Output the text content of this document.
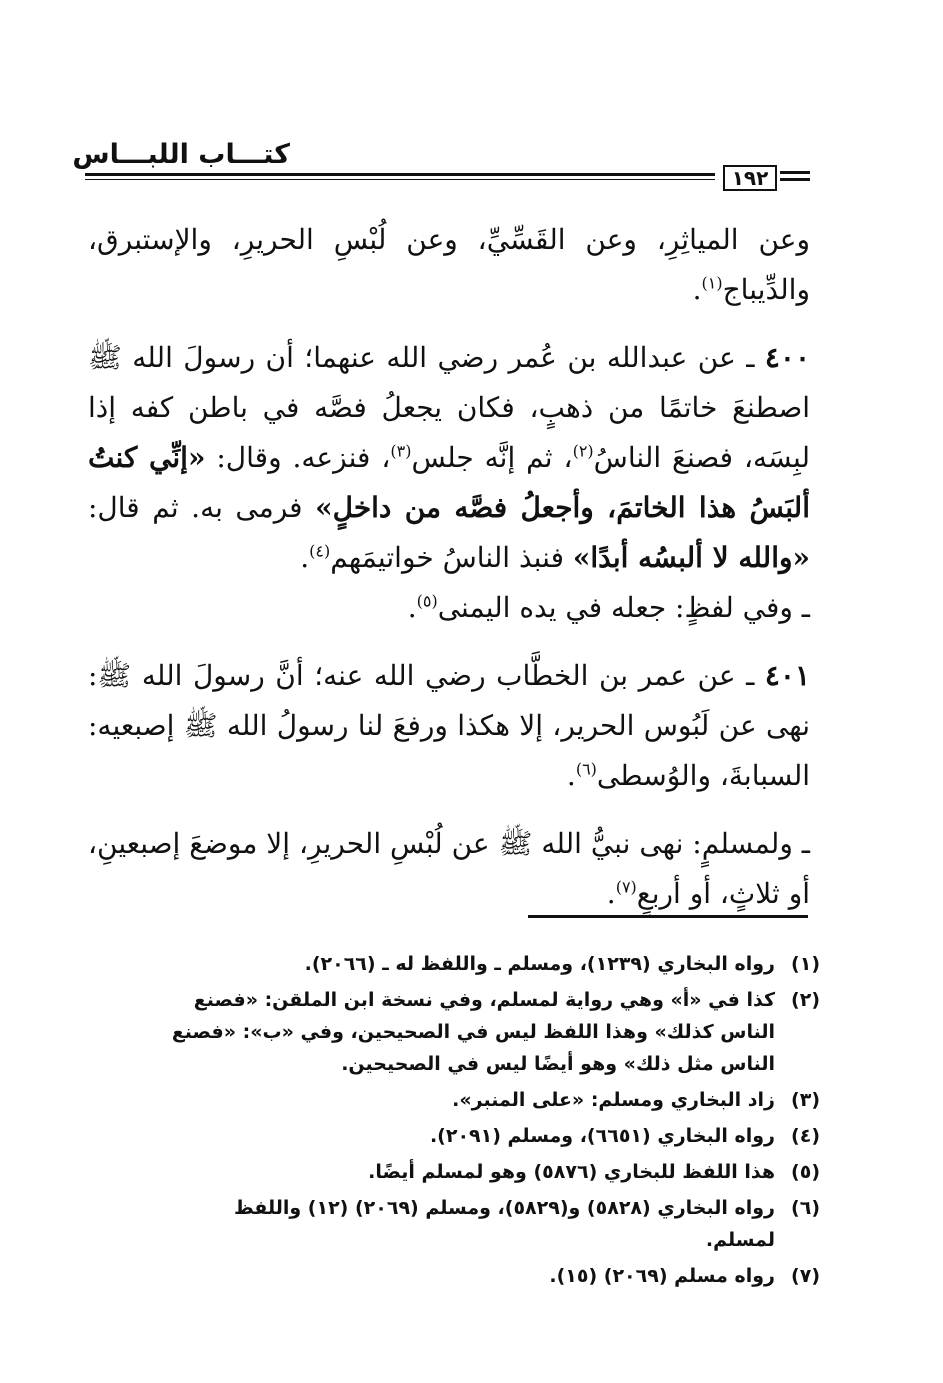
كتـــاب اللبـــاس
١٩٢

وعن المياثِرِ، وعن القَسِّيِّ، وعن لُبْسِ الحريرِ، والإستبرق، والدِّيباج$^{(١)}$.

٤٠٠ ـ عن عبدالله بن عُمر رضي الله عنهما؛ أن رسولَ الله ﷺ اصطنعَ خاتمًا من ذهبٍ، فكان يجعلُ فصَّه في باطن كفه إذا لبِسَه، فصنعَ الناسُ$^{(٢)}$، ثم إنَّه جلس$^{(٣)}$، فنزعه. وقال: «إنِّي كنتُ ألبَسُ هذا الخاتمَ، وأجعلُ فصَّه من داخلٍ» فرمى به. ثم قال: «والله لا ألبسُه أبدًا» فنبذ الناسُ خواتيمَهم$^{(٤)}$.
ـ وفي لفظٍ: جعله في يده اليمنى$^{(٥)}$.

٤٠١ ـ عن عمر بن الخطَّاب رضي الله عنه؛ أنَّ رسولَ الله ﷺ: نهى عن لَبُوس الحرير، إلا هكذا ورفعَ لنا رسولُ الله ﷺ إصبعيه: السبابةَ، والوُسطى$^{(٦)}$.

ـ ولمسلمٍ: نهى نبيُّ الله ﷺ عن لُبْسِ الحريرِ، إلا موضعَ إصبعينِ، أو ثلاثٍ، أو أربعٍ$^{(٧)}$.

(١)
رواه البخاري (١٢٣٩)، ومسلم ـ واللفظ له ـ (٢٠٦٦).
(٢)
كذا في «أ» وهي رواية لمسلم، وفي نسخة ابن الملقن: «فصنع الناس كذلك» وهذا اللفظ ليس في الصحيحين، وفي «ب»: «فصنع الناس مثل ذلك» وهو أيضًا ليس في الصحيحين.
(٣)
زاد البخاري ومسلم: «على المنبر».
(٤)
رواه البخاري (٦٦٥١)، ومسلم (٢٠٩١).
(٥)
هذا اللفظ للبخاري (٥٨٧٦) وهو لمسلم أيضًا.
(٦)
رواه البخاري (٥٨٢٨) و(٥٨٢٩)، ومسلم (٢٠٦٩) (١٢) واللفظ لمسلم.
(٧)
رواه مسلم (٢٠٦٩) (١٥).
